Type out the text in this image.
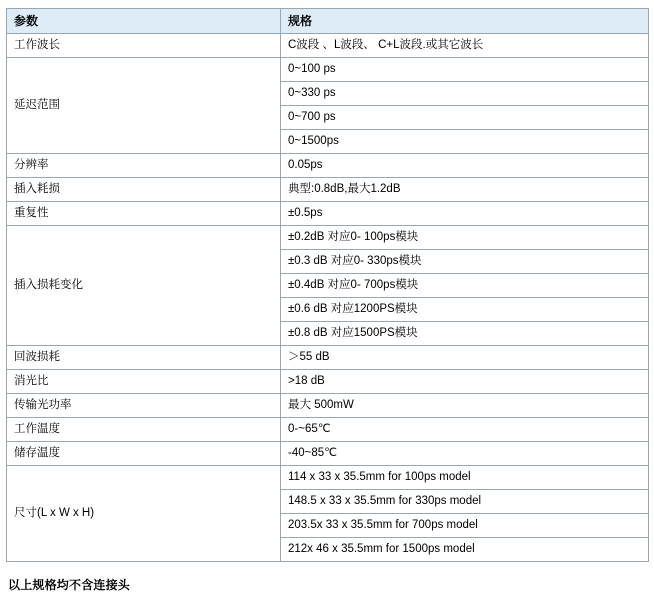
参数	规格
工作波长	C波段 、L波段、 C+L波段.或其它波长
延迟范围	0~100 ps
	0~330 ps
	0~700 ps
	0~1500ps
分辨率	0.05ps
插入耗损	典型:0.8dB,最大1.2dB
重复性	±0.5ps
插入损耗变化	±0.2dB 对应0- 100ps模块
	±0.3 dB 对应0- 330ps模块
	±0.4dB 对应0- 700ps模块
	±0.6 dB 对应1200PS模块
	±0.8 dB 对应1500PS模块
回波损耗	＞55 dB
消光比	>18 dB
传输光功率	最大 500mW
工作温度	0-~65℃
储存温度	-40~85℃
尺寸(L x W x H)	114 x 33 x 35.5mm for 100ps model
	148.5 x 33 x 35.5mm for 330ps model
	203.5x 33 x 35.5mm for 700ps model
	212x 46 x 35.5mm for 1500ps model
以上规格均不含连接头
